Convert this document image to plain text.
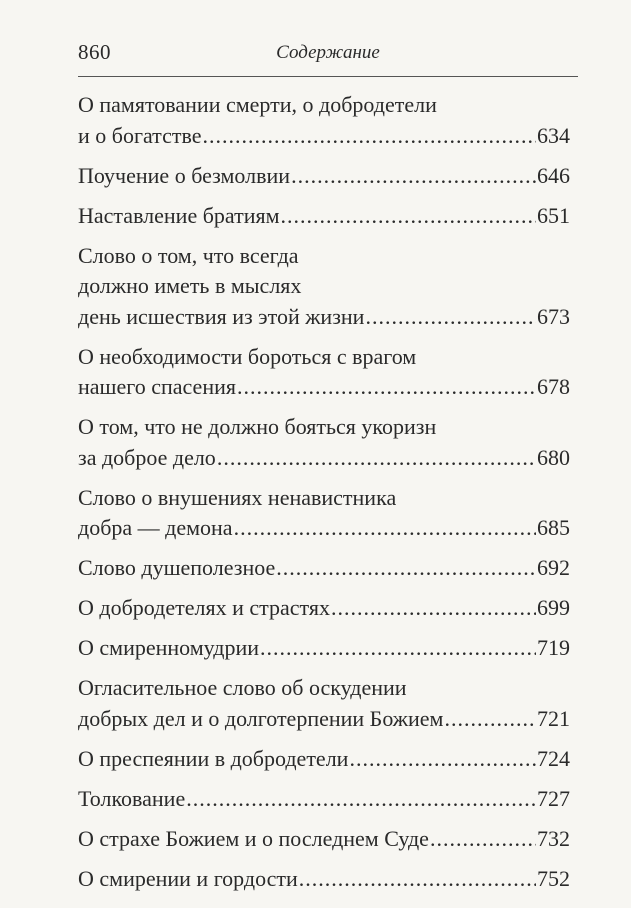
860	Содержание
О памятовании смерти, о добродетели
и о богатстве .....	634
Поучение о безмолвии .....	646
Наставление братиям .....	651
Слово о том, что всегда
должно иметь в мыслях
день исшествия из этой жизни .....	673
О необходимости бороться с врагом
нашего спасения .....	678
О том, что не должно бояться укоризн
за доброе дело .....	680
Слово о внушениях ненавистника
добра — демона .....	685
Слово душеполезное .....	692
О добродетелях и страстях .....	699
О смиренномудрии .....	719
Огласительное слово об оскудении
добрых дел и о долготерпении Божием .....	721
О преспеянии в добродетели .....	724
Толкование .....	727
О страхе Божием и о последнем Суде .....	732
О смирении и гордости .....	752
